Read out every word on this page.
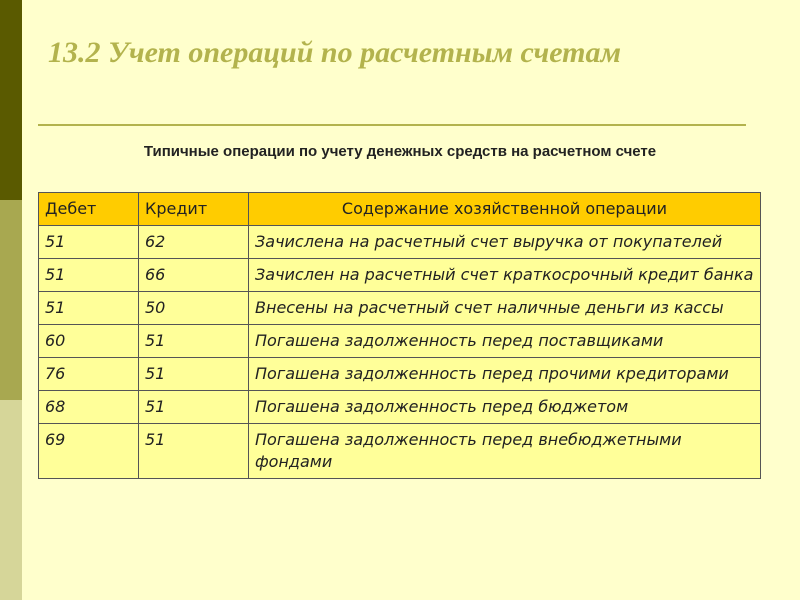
13.2 Учет операций по расчетным счетам
Типичные операции по учету денежных средств на расчетном счете
Дебет	Кредит	Содержание хозяйственной операции
51	62	Зачислена на расчетный счет выручка от покупателей
51	66	Зачислен на расчетный счет краткосрочный кредит банка
51	50	Внесены на расчетный счет наличные деньги из кассы
60	51	Погашена задолженность перед поставщиками
76	51	Погашена задолженность перед прочими кредиторами
68	51	Погашена задолженность перед бюджетом
69	51	Погашена задолженность перед внебюджетными фондами
